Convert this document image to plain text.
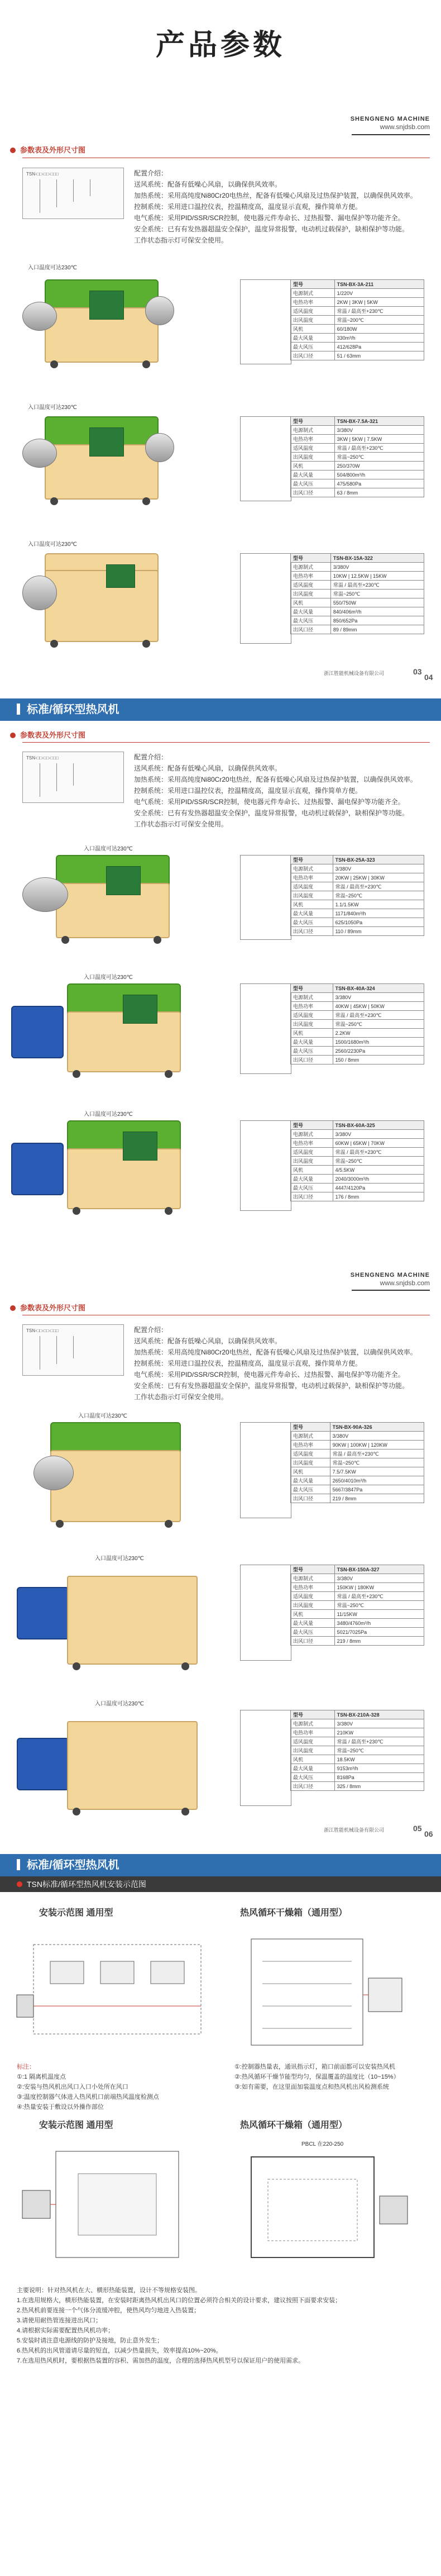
产品参数
SHENGNENG MACHINE
www.snjdsb.com
参数表及外形尺寸图
TSN-□□-□□-□□□	配置介绍：
送风系统：配备有低噪心风扇，以确保供风效率。
加热系统：采用高纯度Ni80Cr20电热丝，配备有低噪心风扇及过热保护装置，以确保供风效率。
控制系统：采用进口温控仪表，控温精度高，温度显示直观，操作简单方便。
电气系统：采用PID/SSR/SCR控制，使电器元件寿命长、过热报警、漏电保护等功能齐全。
安全系统：已有有发热器超温安全保护，温度异常报警，电动机过载保护，缺相保护等功能。
工作状态指示灯可保安全使用。
入口温度可达230℃
型号	TSN-BX-3A-211
电源制式	1/220V
电热功率	2KW | 3KW | 5KW
适风温度	常温 / 最高至+230℃
出风温度	常温~200℃
风机	60/180W
最大风量	330m³/h
最大风压	412/628Pa
出风口径	51 / 63mm
入口温度可达230℃
型号	TSN-BX-7.5A-321
电源制式	3/380V
电热功率	3KW | 5KW | 7.5KW
适风温度	常温 / 最高至+230℃
出风温度	常温~250℃
风机	250/370W
最大风量	504/800m³/h
最大风压	475/580Pa
出风口径	63 / 8mm
入口温度可达230℃
型号	TSN-BX-15A-322
电源制式	3/380V
电热功率	10KW | 12.5KW | 15KW
适风温度	常温 / 最高至+230℃
出风温度	常温~250℃
风机	550/750W
最大风量	840/406m³/h
最大风压	850/652Pa
出风口径	89 / 89mm
浙江胜能机械设备有限公司	03
04
标准/循环型热风机
参数表及外形尺寸图
TSN-□□-□□-□□□	配置介绍：
送风系统：配备有低噪心风扇，以确保供风效率。
加热系统：采用高纯度Ni80Cr20电热丝，配备有低噪心风扇及过热保护装置，以确保供风效率。
控制系统：采用进口温控仪表，控温精度高，温度显示直观，操作简单方便。
电气系统：采用PID/SSR/SCR控制，使电器元件寿命长、过热报警、漏电保护等功能齐全。
安全系统：已有有发热器超温安全保护，温度异常报警，电动机过载保护，缺相保护等功能。
工作状态指示灯可保安全使用。
入口温度可达230℃
型号	TSN-BX-25A-323
电源制式	3/380V
电热功率	20KW | 25KW | 30KW
适风温度	常温 / 最高至+230℃
出风温度	常温~250℃
风机	1.1/1.5KW
最大风量	1171/840m³/h
最大风压	625/1050Pa
出风口径	110 / 89mm
入口温度可达230℃
型号	TSN-BX-40A-324
电源制式	3/380V
电热功率	40KW | 45KW | 50KW
适风温度	常温 / 最高至+230℃
出风温度	常温~250℃
风机	2.2KW
最大风量	1500/1680m³/h
最大风压	2560/2230Pa
出风口径	150 / 8mm
入口温度可达230℃
型号	TSN-BX-60A-325
电源制式	3/380V
电热功率	60KW | 65KW | 70KW
适风温度	常温 / 最高至+230℃
出风温度	常温~250℃
风机	4/5.5KW
最大风量	2040/3000m³/h
最大风压	4447/4120Pa
出风口径	176 / 8mm
SHENGNENG MACHINE
www.snjdsb.com
参数表及外形尺寸图
TSN-□□-□□-□□□	配置介绍：
送风系统：配备有低噪心风扇，以确保供风效率。
加热系统：采用高纯度Ni80Cr20电热丝，配备有低噪心风扇及过热保护装置，以确保供风效率。
控制系统：采用进口温控仪表，控温精度高，温度显示直观，操作简单方便。
电气系统：采用PID/SSR/SCR控制，使电器元件寿命长、过热报警、漏电保护等功能齐全。
安全系统：已有有发热器超温安全保护，温度异常报警，电动机过载保护，缺相保护等功能。
工作状态指示灯可保安全使用。
入口温度可达230℃
型号	TSN-BX-90A-326
电源制式	3/380V
电热功率	90KW | 100KW | 120KW
适风温度	常温 / 最高至+230℃
出风温度	常温~250℃
风机	7.5/7.5KW
最大风量	2650/4010m³/h
最大风压	5667/3847Pa
出风口径	219 / 8mm
入口温度可达230℃
型号	TSN-BX-150A-327
电源制式	3/380V
电热功率	150KW | 180KW
适风温度	常温 / 最高至+230℃
出风温度	常温~250℃
风机	11/15KW
最大风量	3480/4760m³/h
最大风压	5021/7025Pa
出风口径	219 / 8mm
入口温度可达230℃
型号	TSN-BX-210A-328
电源制式	3/380V
电热功率	210KW
适风温度	常温 / 最高至+230℃
出风温度	常温~250℃
风机	18.5KW
最大风量	9153m³/h
最大风压	8168Pa
出风口径	325 / 8mm
浙江胜能机械设备有限公司	05
06
标准/循环型热风机
TSN标准/循环型热风机安装示范图
安装示范图 通用型	热风循环干燥箱（通用型）
标注：
①:1 隔离机温度点
②:安装与热风机出风口入口小处所在风口
③:温度控制器气体进入热风机口前端热风温度检测点
④:热量安装于敷设以外操作部位
①:控制器热量表，通讯指示灯，箱口前面都可以安装热风机
②:热风循环干燥节能型均匀，保温覆盖的温度比（10~15%）
③:如有需要，在这里面加装温度点和热风机出风检测系统
安装示范图 通用型	热风循环干燥箱（通用型）
PBCL 在220-250
主要说明：针对热风机在大、横形热能装置，设计不等规格安装图。
1.在选用规格大，横形热能装置，在安装时距离热风机出风口的位置必须符合相关的设计要求，建议按照下面要求安装；
2.热风机前要连接一个气体分流缓冲腔，使热风均匀地进入热装置；
3.请使用耐热管连接进出风口；
4.请根据实际需要配置热风机功率；
5.安装时请注意电源线的防护及接地，防止意外发生；
6.热风机的出风管道请尽量的短直，以减少热量损失，效率提高10%~20%。
7.在选用热风机时，要根据热装置的容积、需加热的温度，合理的选择热风机型号以保证用户的使用需求。
